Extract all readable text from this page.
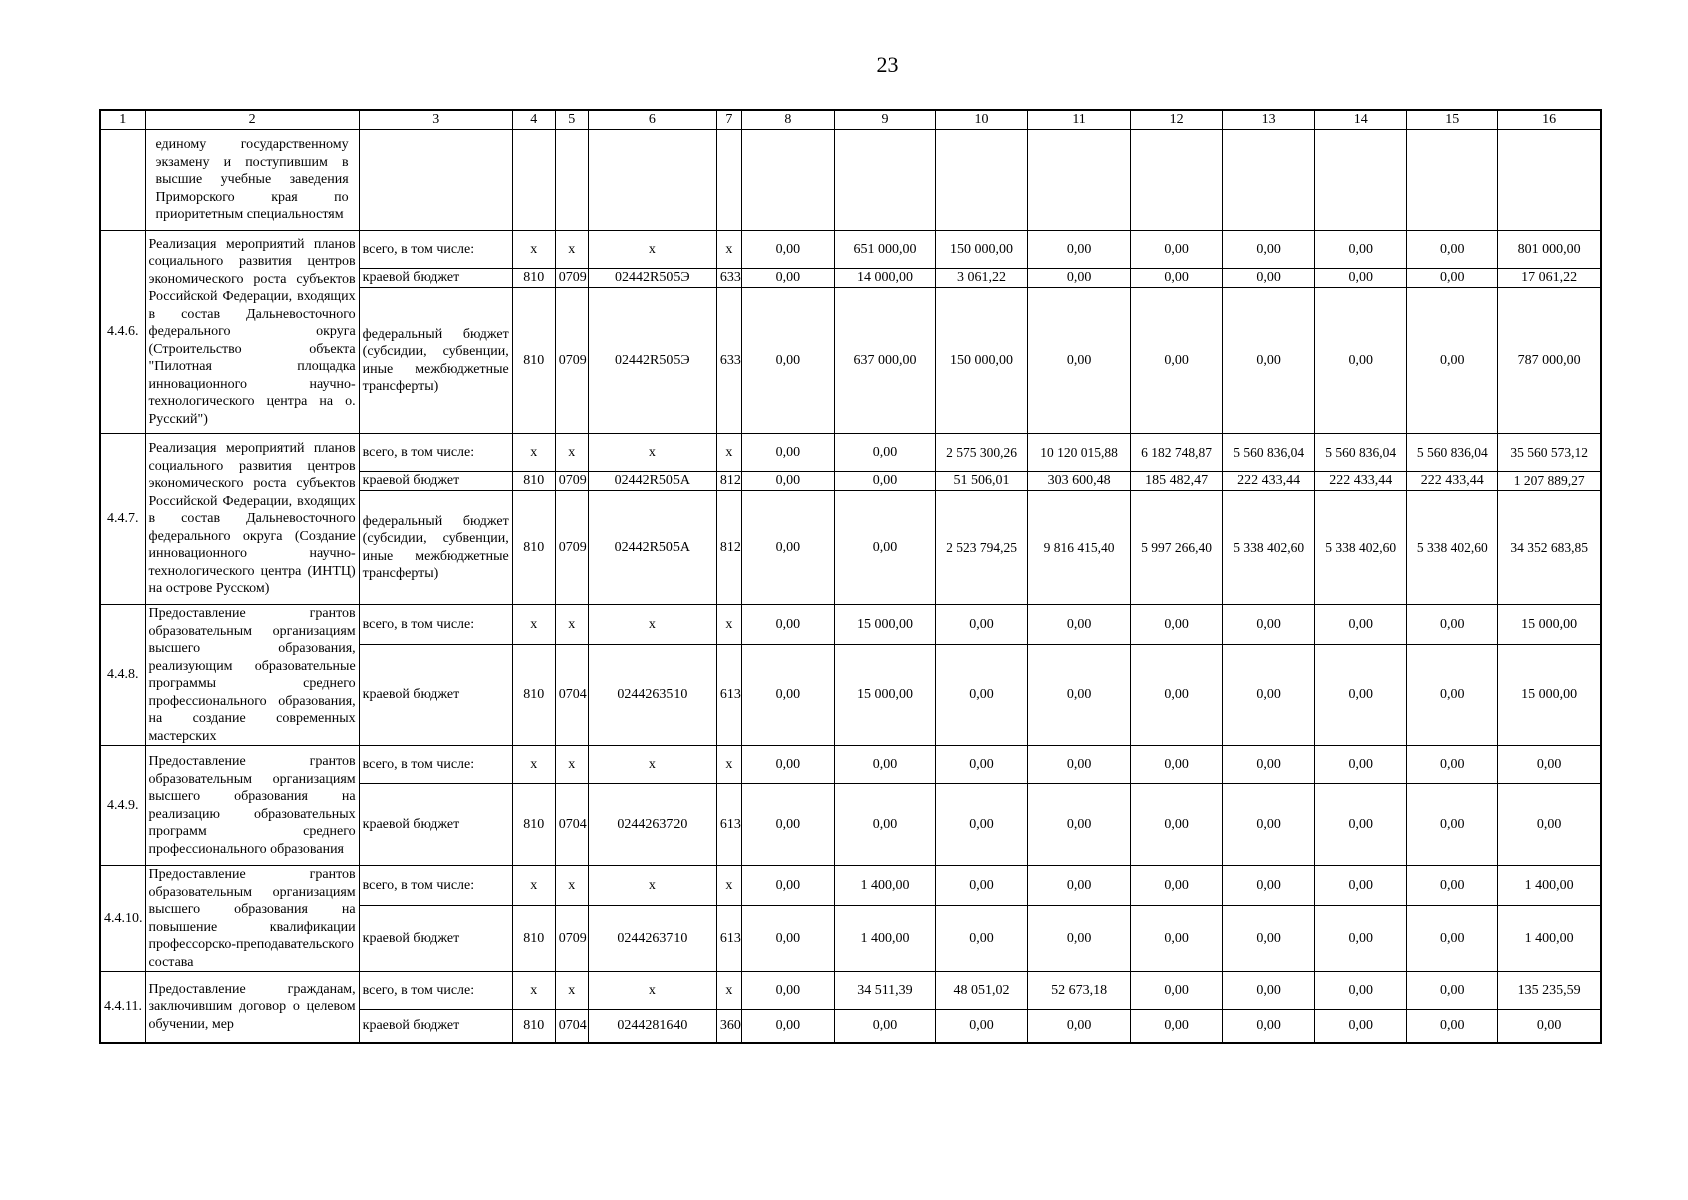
23
1	2	3	4	5	6	7	8	9	10	11	12	13	14	15	16
	единому государственному экзамену и поступившим в высшие учебные заведения Приморского края по приоритетным специальностям														
4.4.6.	Реализация мероприятий планов социального развития центров экономического роста субъектов Российской Федерации, входящих в состав Дальневосточного федерального округа (Строительство объекта "Пилотная площадка инновационного научно-технологического центра на о. Русский")	всего, в том числе:	x	x	x	x	0,00	651 000,00	150 000,00	0,00	0,00	0,00	0,00	0,00	801 000,00
		краевой бюджет	810	0709	02442R505Э	633	0,00	14 000,00	3 061,22	0,00	0,00	0,00	0,00	0,00	17 061,22
		федеральный бюджет (субсидии, субвенции, иные межбюджетные трансферты)	810	0709	02442R505Э	633	0,00	637 000,00	150 000,00	0,00	0,00	0,00	0,00	0,00	787 000,00
4.4.7.	Реализация мероприятий планов социального развития центров экономического роста субъектов Российской Федерации, входящих в состав Дальневосточного федерального округа (Создание инновационного научно-технологического центра (ИНТЦ) на острове Русском)	всего, в том числе:	x	x	x	x	0,00	0,00	2 575 300,26	10 120 015,88	6 182 748,87	5 560 836,04	5 560 836,04	5 560 836,04	35 560 573,12
		краевой бюджет	810	0709	02442R505A	812	0,00	0,00	51 506,01	303 600,48	185 482,47	222 433,44	222 433,44	222 433,44	1 207 889,27
		федеральный бюджет (субсидии, субвенции, иные межбюджетные трансферты)	810	0709	02442R505A	812	0,00	0,00	2 523 794,25	9 816 415,40	5 997 266,40	5 338 402,60	5 338 402,60	5 338 402,60	34 352 683,85
4.4.8.	Предоставление грантов образовательным организациям высшего образования, реализующим образовательные программы среднего профессионального образования, на создание современных мастерских	всего, в том числе:	x	x	x	x	0,00	15 000,00	0,00	0,00	0,00	0,00	0,00	0,00	15 000,00
		краевой бюджет	810	0704	0244263510	613	0,00	15 000,00	0,00	0,00	0,00	0,00	0,00	0,00	15 000,00
4.4.9.	Предоставление грантов образовательным организациям высшего образования на реализацию образовательных программ среднего профессионального образования	всего, в том числе:	x	x	x	x	0,00	0,00	0,00	0,00	0,00	0,00	0,00	0,00	0,00
		краевой бюджет	810	0704	0244263720	613	0,00	0,00	0,00	0,00	0,00	0,00	0,00	0,00	0,00
4.4.10.	Предоставление грантов образовательным организациям высшего образования на повышение квалификации профессорско-преподавательского состава	всего, в том числе:	x	x	x	x	0,00	1 400,00	0,00	0,00	0,00	0,00	0,00	0,00	1 400,00
		краевой бюджет	810	0709	0244263710	613	0,00	1 400,00	0,00	0,00	0,00	0,00	0,00	0,00	1 400,00
4.4.11.	Предоставление гражданам, заключившим договор о целевом обучении, мер	всего, в том числе:	x	x	x	x	0,00	34 511,39	48 051,02	52 673,18	0,00	0,00	0,00	0,00	135 235,59
		краевой бюджет	810	0704	0244281640	360	0,00	0,00	0,00	0,00	0,00	0,00	0,00	0,00	0,00
